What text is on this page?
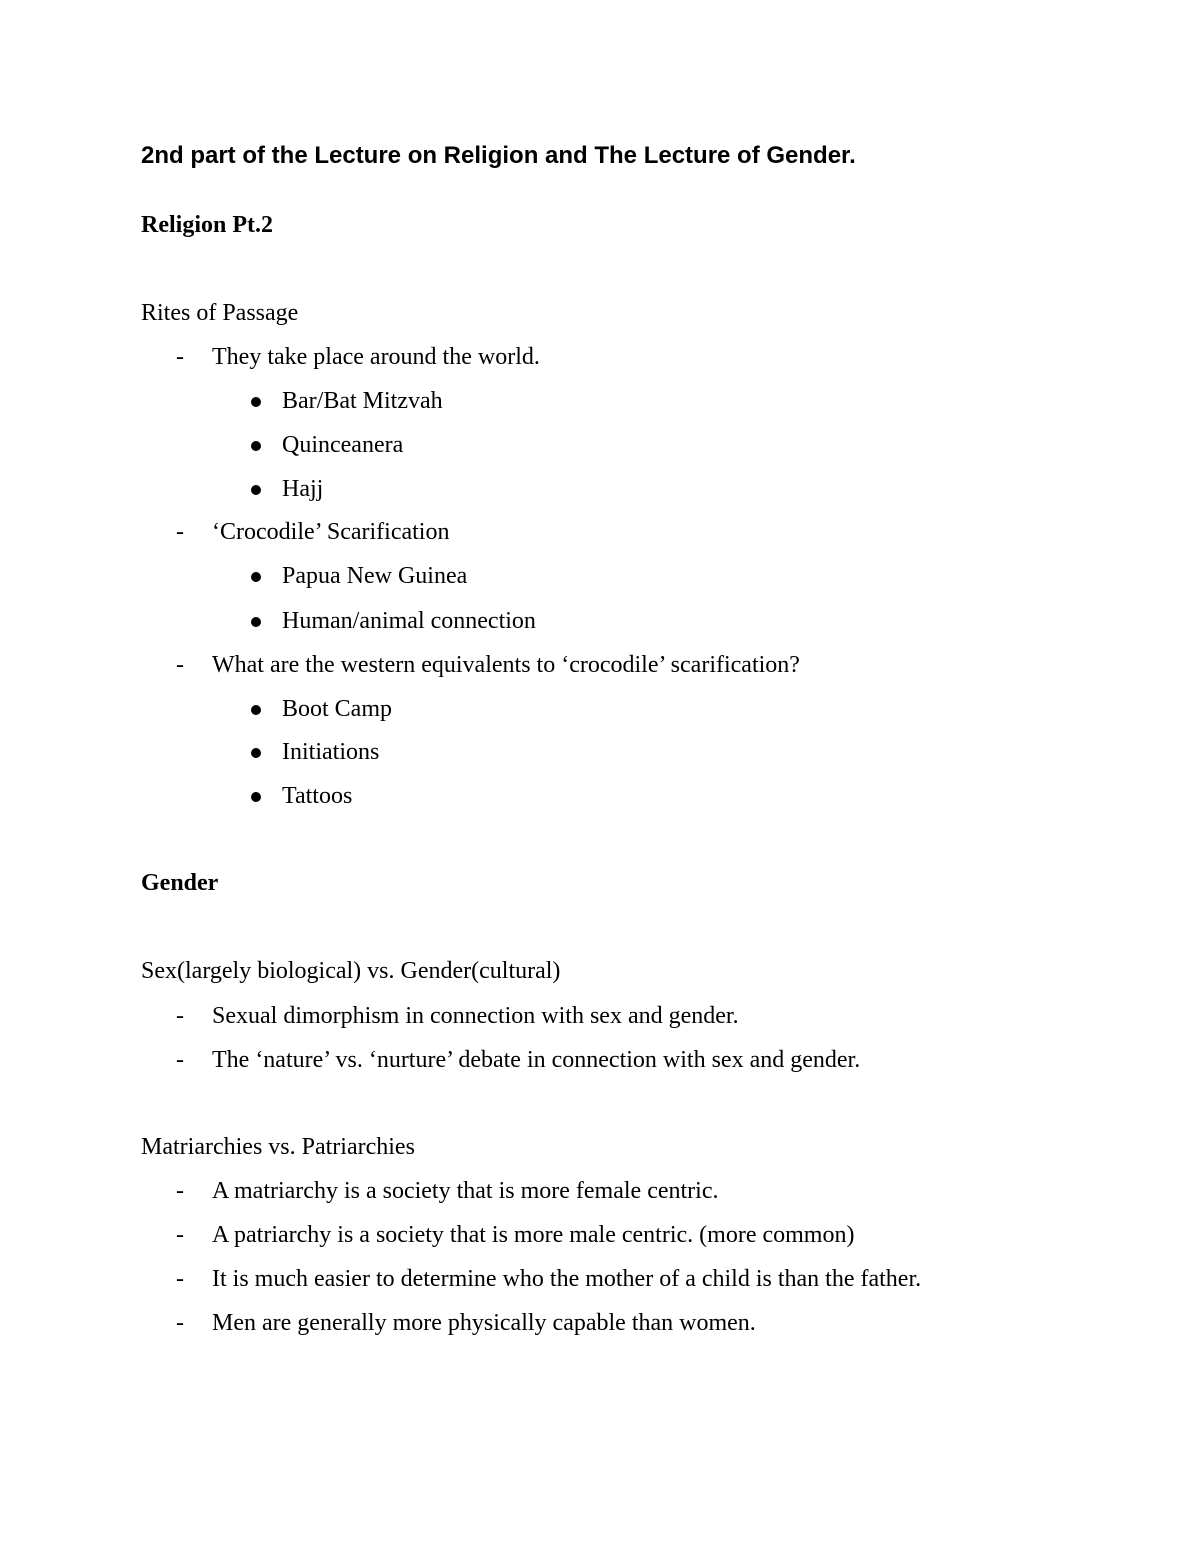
2nd part of the Lecture on Religion and The Lecture of Gender.
Religion Pt.2
Rites of Passage
- They take place around the world.
Bar/Bat Mitzvah
Quinceanera
Hajj
- ‘Crocodile’ Scarification
Papua New Guinea
Human/animal connection
- What are the western equivalents to ‘crocodile’ scarification?
Boot Camp
Initiations
Tattoos
Gender
Sex(largely biological) vs. Gender(cultural)
- Sexual dimorphism in connection with sex and gender.
- The ‘nature’ vs. ‘nurture’ debate in connection with sex and gender.
Matriarchies vs. Patriarchies
- A matriarchy is a society that is more female centric.
- A patriarchy is a society that is more male centric. (more common)
- It is much easier to determine who the mother of a child is than the father.
- Men are generally more physically capable than women.
